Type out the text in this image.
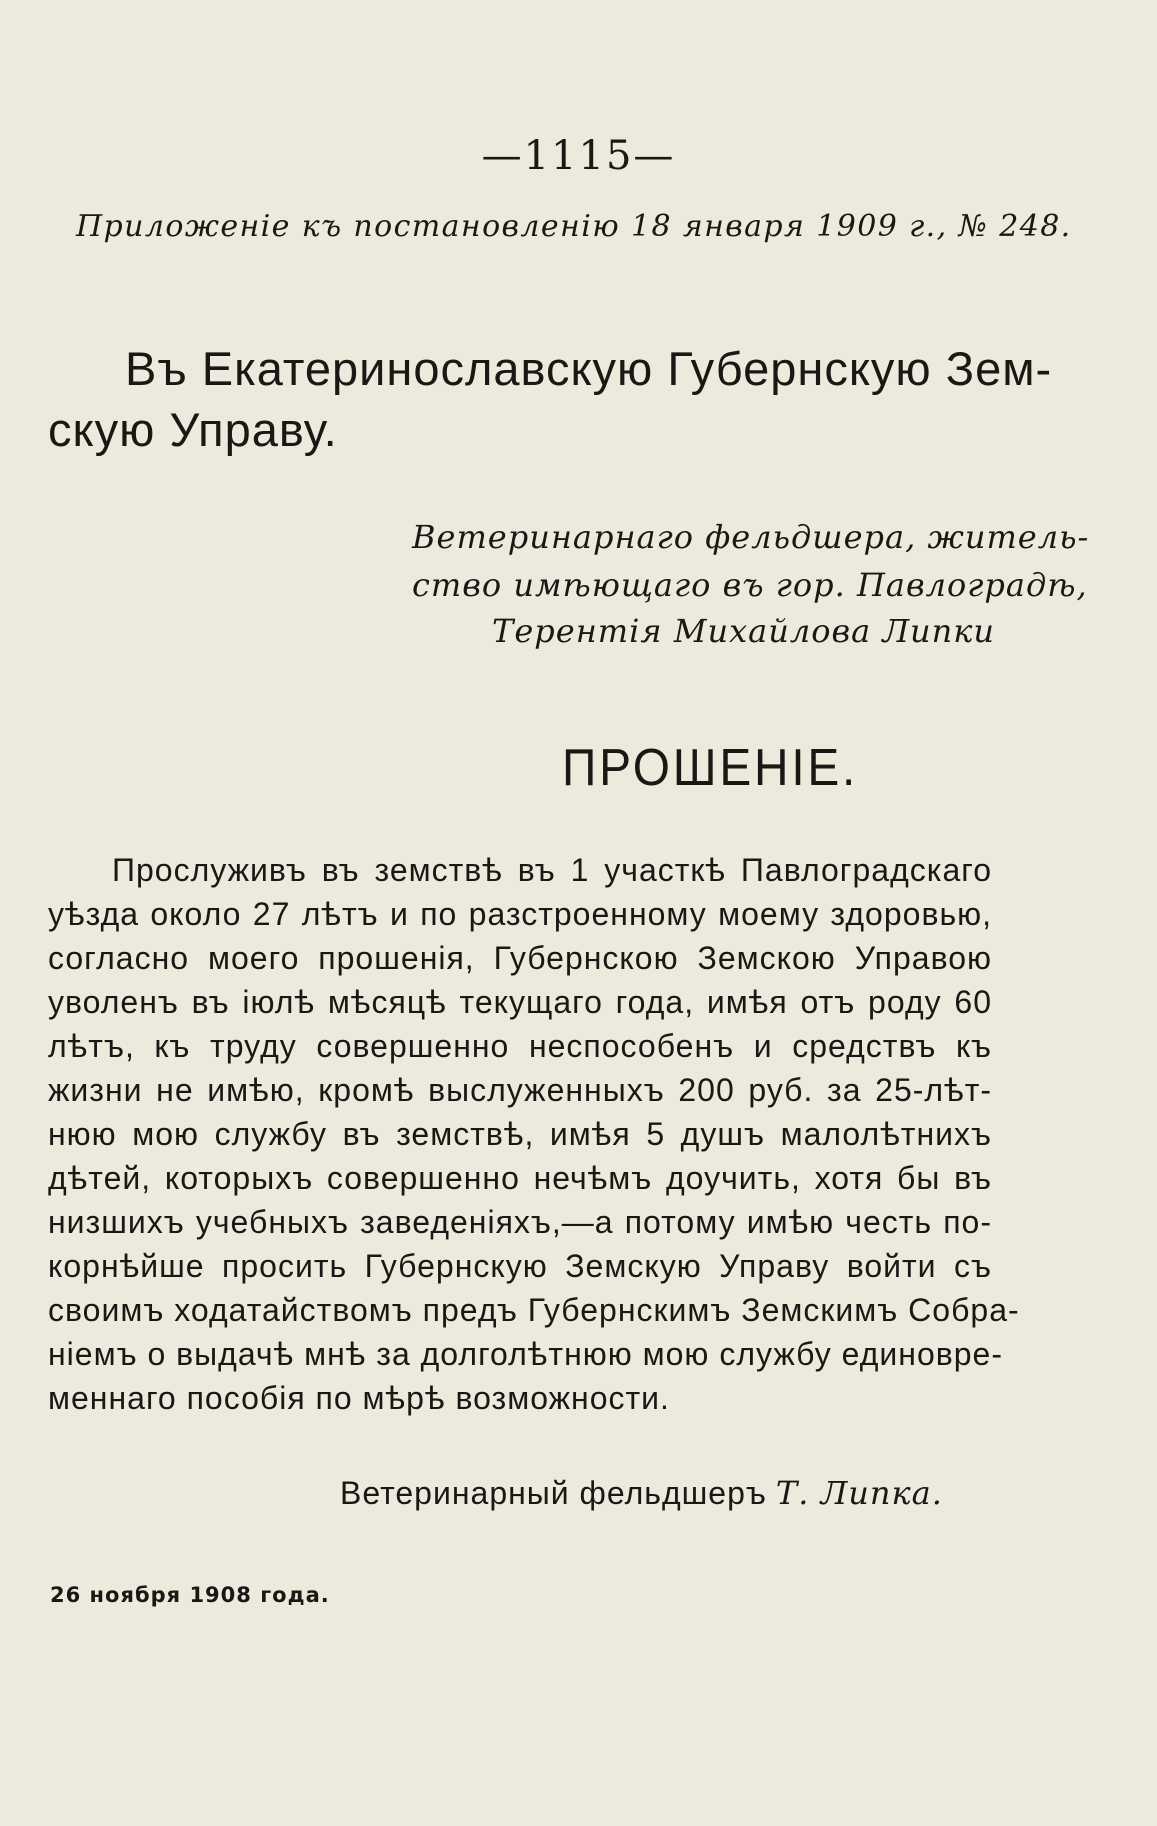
—1115—

Приложеніе къ постановленію 18 января 1909 г., № 248.

Въ Екатеринославскую Губернскую Зем-

скую Управу.

Ветеринарнаго фельдшера, житель-

ство имѣющаго въ гор. Павлоградѣ,

Терентія Михайлова Липки

ПРОШЕНІЕ.

Прослуживъ въ земствѣ въ 1 участкѣ Павлоградскаго

уѣзда около 27 лѣтъ и по разстроенному моему здоровью,

согласно моего прошенія, Губернскою Земскою Управою

уволенъ въ іюлѣ мѣсяцѣ текущаго года, имѣя отъ роду 60

лѣтъ, къ труду совершенно неспособенъ и средствъ къ

жизни не имѣю, кромѣ выслуженныхъ 200 руб. за 25-лѣт-

нюю мою службу въ земствѣ, имѣя 5 душъ малолѣтнихъ

дѣтей, которыхъ совершенно нечѣмъ доучить, хотя бы въ

низшихъ учебныхъ заведеніяхъ,—а потому имѣю честь по-

корнѣйше просить Губернскую Земскую Управу войти съ

своимъ ходатайствомъ предъ Губернскимъ Земскимъ Собра-

ніемъ о выдачѣ мнѣ за долголѣтнюю мою службу единовре-

меннаго пособія по мѣрѣ возможности.

Ветеринарный фельдшеръ Т. Липка.

26 ноября 1908 года.
